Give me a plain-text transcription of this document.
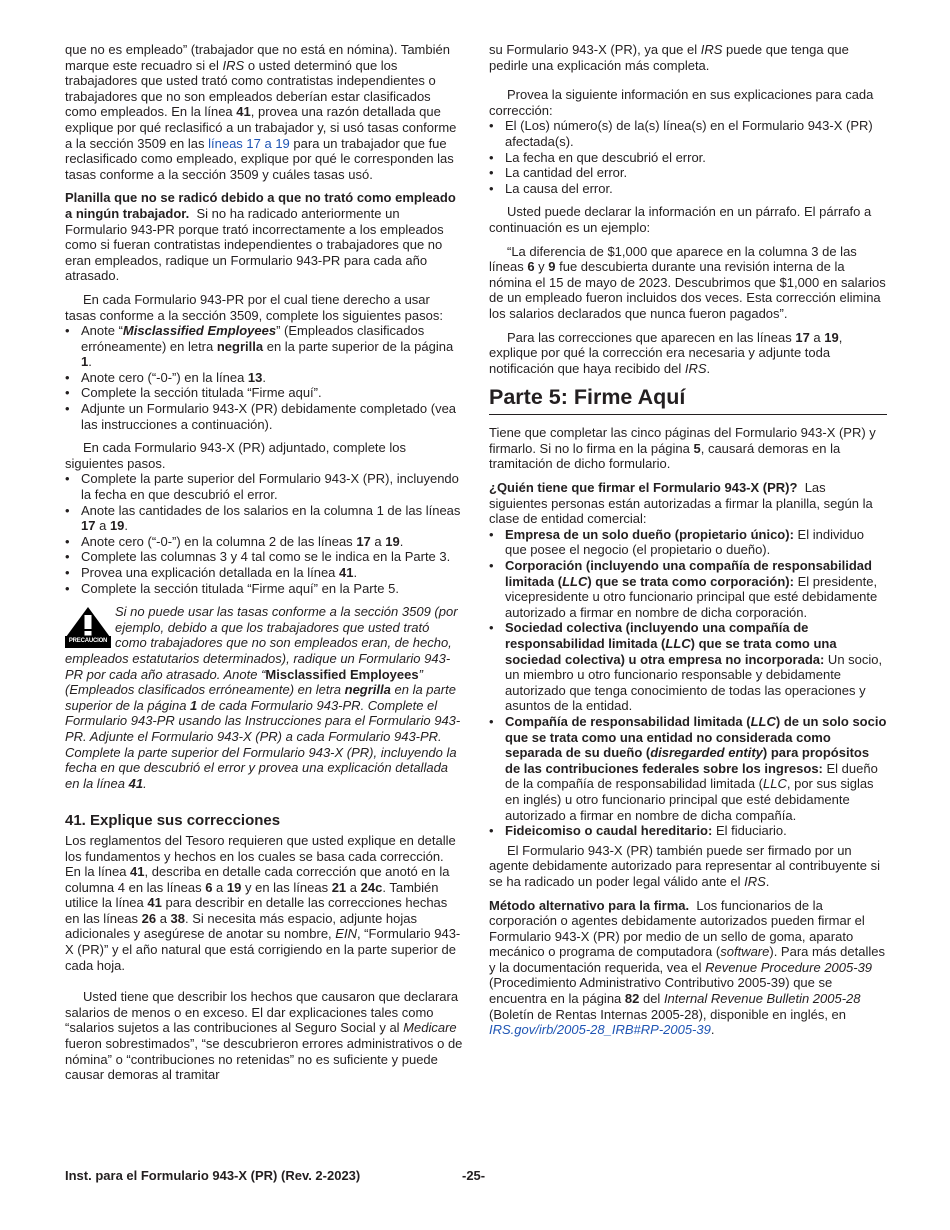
que no es empleado” (trabajador que no está en nómina). También marque este recuadro si el IRS o usted determinó que los trabajadores que usted trató como contratistas independientes o trabajadores que no son empleados deberían estar clasificados como empleados. En la línea 41, provea una razón detallada que explique por qué reclasificó a un trabajador y, si usó tasas conforme a la sección 3509 en las líneas 17 a 19 para un trabajador que fue reclasificado como empleado, explique por qué le corresponden las tasas conforme a la sección 3509 y cuáles tasas usó.

Planilla que no se radicó debido a que no trató como empleado a ningún trabajador. Si no ha radicado anteriormente un Formulario 943-PR porque trató incorrectamente a los empleados como si fueran contratistas independientes o trabajadores que no eran empleados, radique un Formulario 943-PR para cada año atrasado.

En cada Formulario 943-PR por el cual tiene derecho a usar tasas conforme a la sección 3509, complete los siguientes pasos:

• Anote “Misclassified Employees” (Empleados clasificados erróneamente) en letra negrilla en la parte superior de la página 1.

• Anote cero (“-0-”) en la línea 13.

• Complete la sección titulada “Firme aquí”.

• Adjunte un Formulario 943-X (PR) debidamente completado (vea las instrucciones a continuación).

En cada Formulario 943-X (PR) adjuntado, complete los siguientes pasos.

• Complete la parte superior del Formulario 943-X (PR), incluyendo la fecha en que descubrió el error.

• Anote las cantidades de los salarios en la columna 1 de las líneas 17 a 19.

• Anote cero (“-0-”) en la columna 2 de las líneas 17 a 19.

• Complete las columnas 3 y 4 tal como se le indica en la Parte 3.

• Provea una explicación detallada en la línea 41.

• Complete la sección titulada “Firme aquí” en la Parte 5.

PRECAUCION
Si no puede usar las tasas conforme a la sección 3509 (por ejemplo, debido a que los trabajadores que usted trató como trabajadores que no son empleados eran, de hecho, empleados estatutarios determinados), radique un Formulario 943-PR por cada año atrasado. Anote “Misclassified Employees” (Empleados clasificados erróneamente) en letra negrilla en la parte superior de la página 1 de cada Formulario 943-PR. Complete el Formulario 943-PR usando las Instrucciones para el Formulario 943-PR. Adjunte el Formulario 943-X (PR) a cada Formulario 943-PR. Complete la parte superior del Formulario 943-X (PR), incluyendo la fecha en que descubrió el error y provea una explicación detallada en la línea 41.
41. Explique sus correcciones

Los reglamentos del Tesoro requieren que usted explique en detalle los fundamentos y hechos en los cuales se basa cada corrección. En la línea 41, describa en detalle cada corrección que anotó en la columna 4 en las líneas 6 a 19 y en las líneas 21 a 24c. También utilice la línea 41 para describir en detalle las correcciones hechas en las líneas 26 a 38. Si necesita más espacio, adjunte hojas adicionales y asegúrese de anotar su nombre, EIN, “Formulario 943-X (PR)” y el año natural que está corrigiendo en la parte superior de cada hoja.

Usted tiene que describir los hechos que causaron que declarara salarios de menos o en exceso. El dar explicaciones tales como “salarios sujetos a las contribuciones al Seguro Social y al Medicare fueron sobrestimados”, “se descubrieron errores administrativos o de nómina” o “contribuciones no retenidas” no es suficiente y puede causar demoras al tramitar

su Formulario 943-X (PR), ya que el IRS puede que tenga que pedirle una explicación más completa.

Provea la siguiente información en sus explicaciones para cada corrección:

• El (Los) número(s) de la(s) línea(s) en el Formulario 943-X (PR) afectada(s).

• La fecha en que descubrió el error.

• La cantidad del error.

• La causa del error.

Usted puede declarar la información en un párrafo. El párrafo a continuación es un ejemplo:

“La diferencia de $1,000 que aparece en la columna 3 de las líneas 6 y 9 fue descubierta durante una revisión interna de la nómina el 15 de mayo de 2023. Descubrimos que $1,000 en salarios de un empleado fueron incluidos dos veces. Esta corrección elimina los salarios declarados que nunca fueron pagados”.

Para las correcciones que aparecen en las líneas 17 a 19, explique por qué la corrección era necesaria y adjunte toda notificación que haya recibido del IRS.

Parte 5: Firme Aquí

Tiene que completar las cinco páginas del Formulario 943-X (PR) y firmarlo. Si no lo firma en la página 5, causará demoras en la tramitación de dicho formulario.

¿Quién tiene que firmar el Formulario 943-X (PR)? Las siguientes personas están autorizadas a firmar la planilla, según la clase de entidad comercial:

• Empresa de un solo dueño (propietario único): El individuo que posee el negocio (el propietario o dueño).

• Corporación (incluyendo una compañía de responsabilidad limitada (LLC) que se trata como corporación): El presidente, vicepresidente u otro funcionario principal que esté debidamente autorizado a firmar en nombre de dicha corporación.

• Sociedad colectiva (incluyendo una compañía de responsabilidad limitada (LLC) que se trata como una sociedad colectiva) u otra empresa no incorporada: Un socio, un miembro u otro funcionario responsable y debidamente autorizado que tenga conocimiento de todas las operaciones y asuntos de la entidad.

• Compañía de responsabilidad limitada (LLC) de un solo socio que se trata como una entidad no considerada como separada de su dueño (disregarded entity) para propósitos de las contribuciones federales sobre los ingresos: El dueño de la compañía de responsabilidad limitada (LLC, por sus siglas en inglés) u otro funcionario principal que esté debidamente autorizado a firmar en nombre de dicha compañía.

• Fideicomiso o caudal hereditario: El fiduciario.

El Formulario 943-X (PR) también puede ser firmado por un agente debidamente autorizado para representar al contribuyente si se ha radicado un poder legal válido ante el IRS.

Método alternativo para la firma.  Los funcionarios de la corporación o agentes debidamente autorizados pueden firmar el Formulario 943-X (PR) por medio de un sello de goma, aparato mecánico o programa de computadora (software). Para más detalles y la documentación requerida, vea el Revenue Procedure 2005-39 (Procedimiento Administrativo Contributivo 2005-39) que se encuentra en la página 82 del Internal Revenue Bulletin 2005-28 (Boletín de Rentas Internas 2005-28), disponible en inglés, en IRS.gov/irb/2005-28_IRB#RP-2005-39.

Inst. para el Formulario 943-X (PR) (Rev. 2-2023)	-25-
